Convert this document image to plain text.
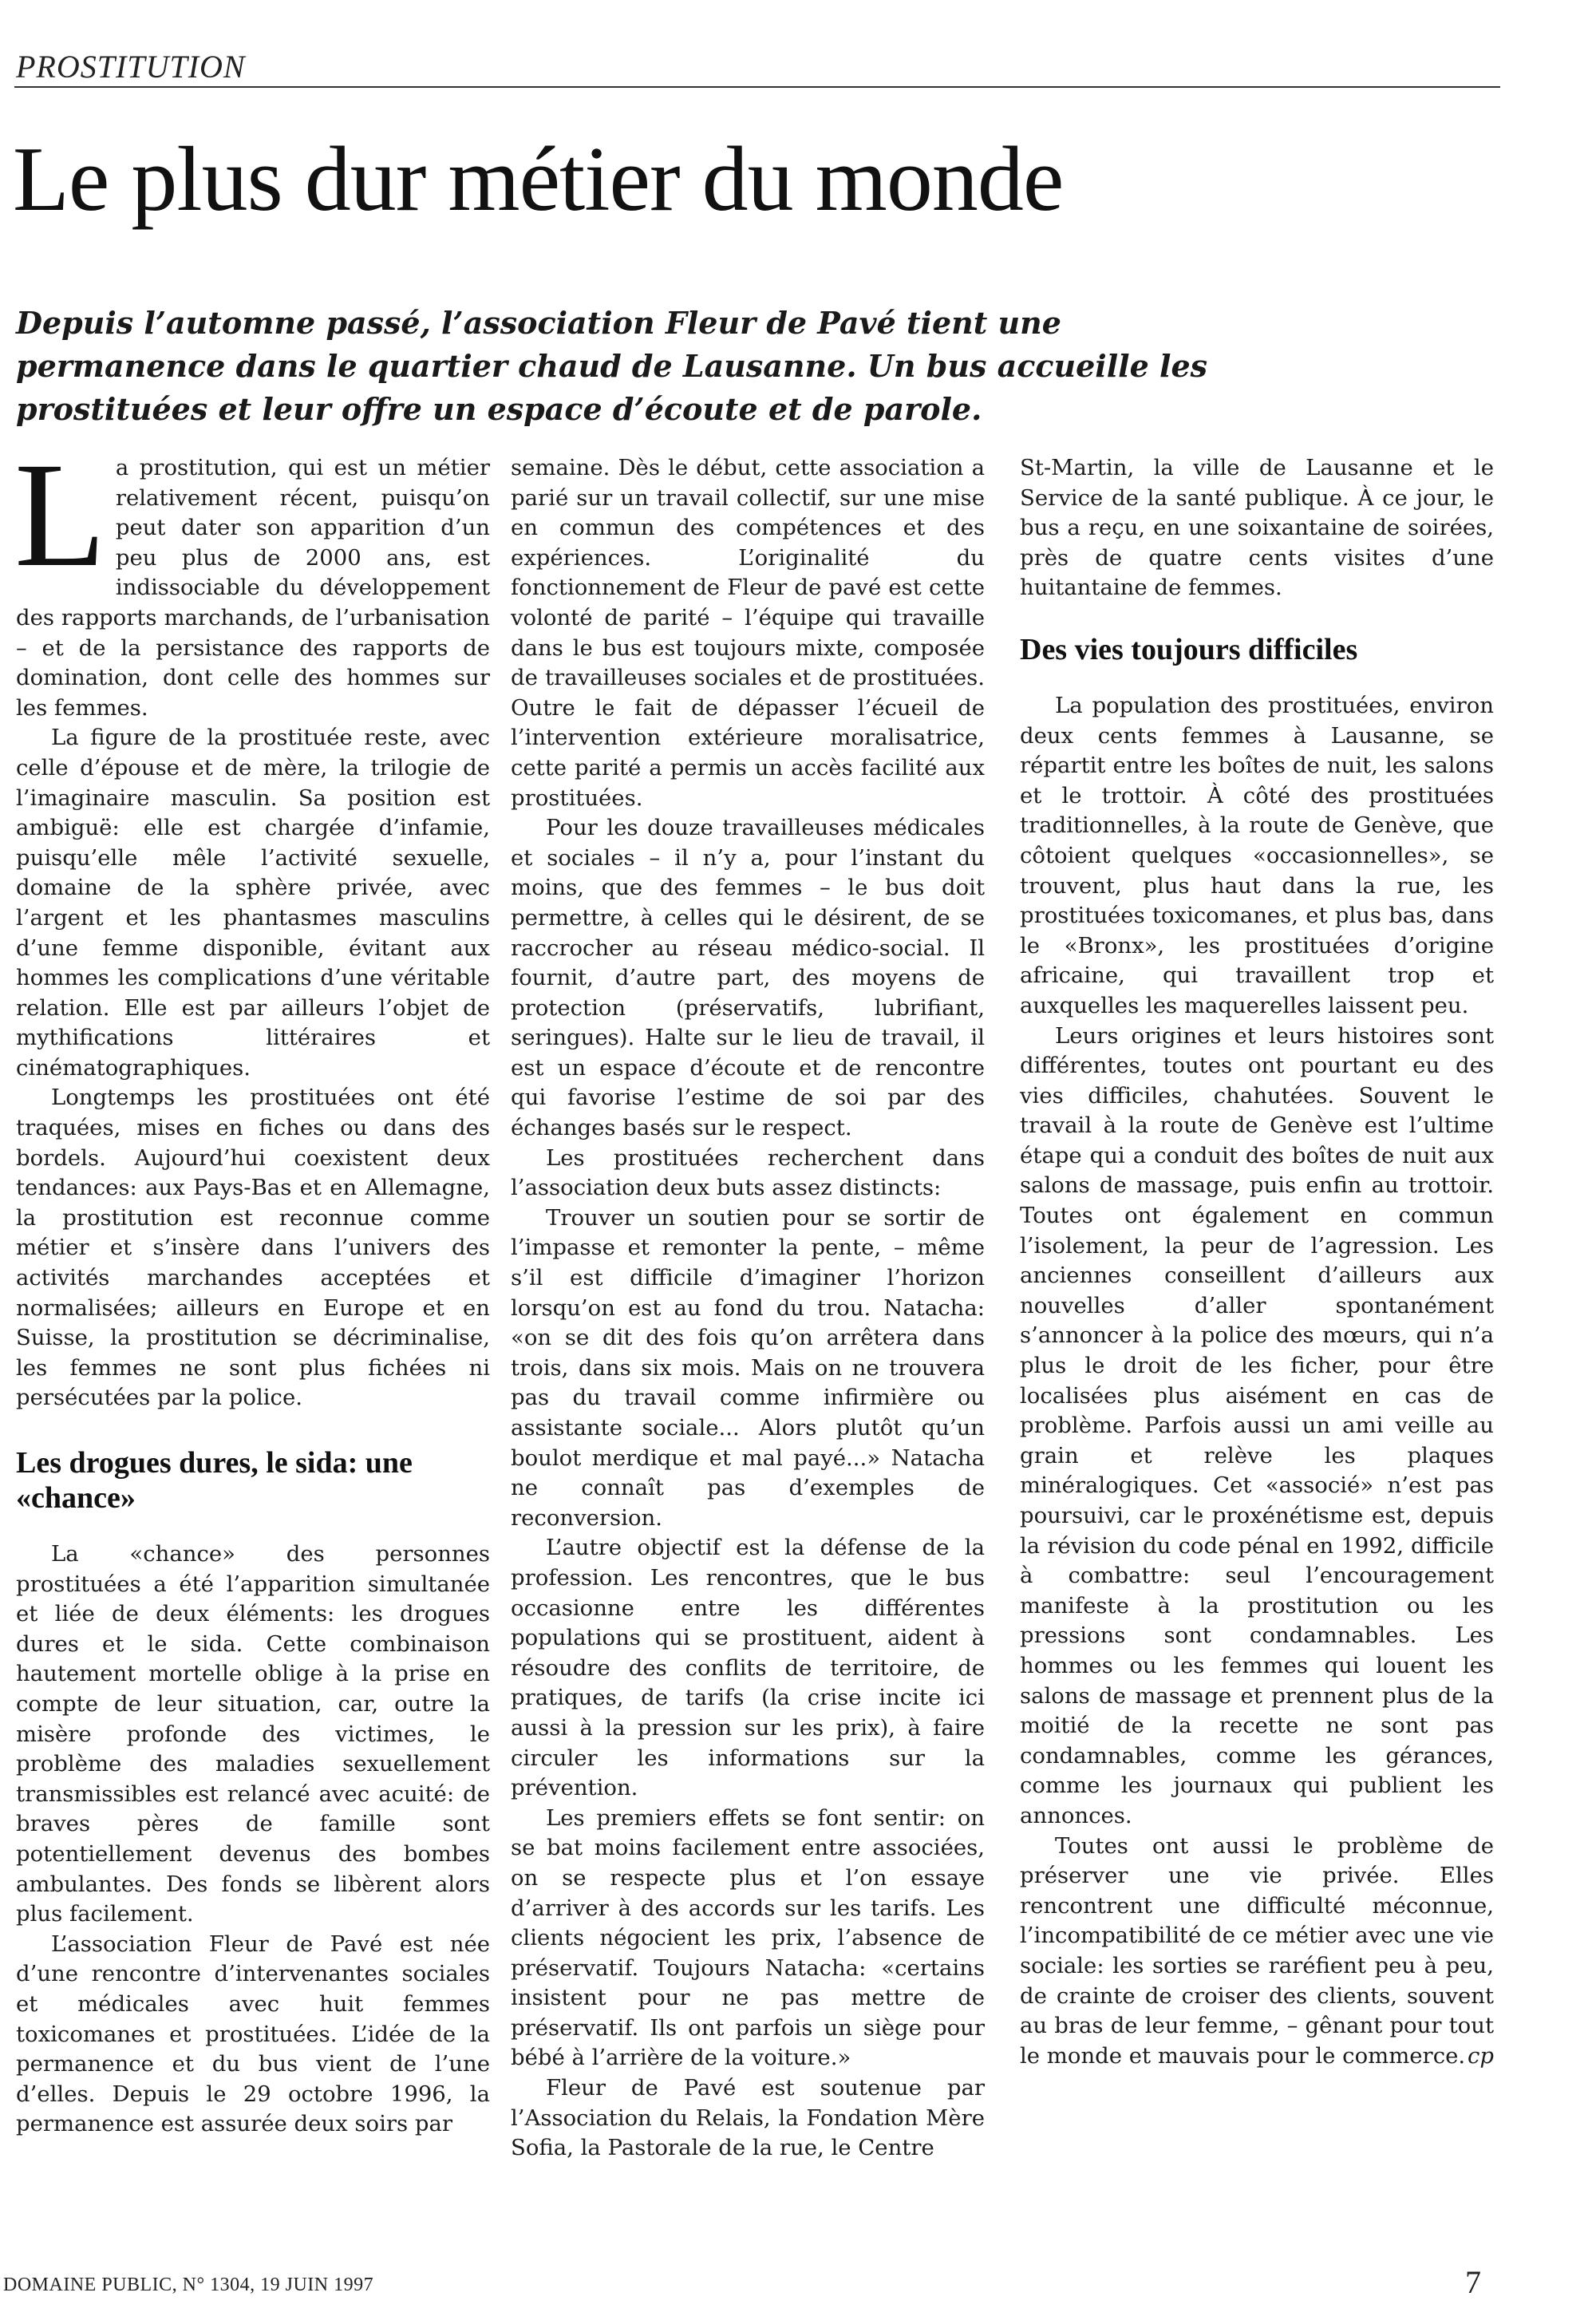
PROSTITUTION
Le plus dur métier du monde

Depuis l’automne passé, l’association Fleur de Pavé tient une permanence dans le quartier chaud de Lausanne. Un bus accueille les prostituées et leur offre un espace d’écoute et de parole.

La prostitution, qui est un métier relativement récent, puisqu’on peut dater son apparition d’un peu plus de 2000 ans, est indissociable du développement des rapports marchands, de l’urbanisation – et de la persistance des rapports de domination, dont celle des hommes sur les femmes.

La figure de la prostituée reste, avec celle d’épouse et de mère, la trilogie de l’imaginaire masculin. Sa position est ambiguë: elle est chargée d’infamie, puisqu’elle mêle l’activité sexuelle, domaine de la sphère privée, avec l’argent et les phantasmes masculins d’une femme disponible, évitant aux hommes les complications d’une véritable relation. Elle est par ailleurs l’objet de mythifications littéraires et cinématographiques.

Longtemps les prostituées ont été traquées, mises en fiches ou dans des bordels. Aujourd’hui coexistent deux tendances: aux Pays-Bas et en Allemagne, la prostitution est reconnue comme métier et s’insère dans l’univers des activités marchandes acceptées et normalisées; ailleurs en Europe et en Suisse, la prostitution se décriminalise, les femmes ne sont plus fichées ni persécutées par la police.

Les drogues dures, le sida: une «chance»

La «chance» des personnes prostituées a été l’apparition simultanée et liée de deux éléments: les drogues dures et le sida. Cette combinaison hautement mortelle oblige à la prise en compte de leur situation, car, outre la misère profonde des victimes, le problème des maladies sexuellement transmissibles est relancé avec acuité: de braves pères de famille sont potentiellement devenus des bombes ambulantes. Des fonds se libèrent alors plus facilement.

L’association Fleur de Pavé est née d’une rencontre d’intervenantes sociales et médicales avec huit femmes toxicomanes et prostituées. L’idée de la permanence et du bus vient de l’une d’elles. Depuis le 29 octobre 1996, la permanence est assurée deux soirs par

semaine. Dès le début, cette association a parié sur un travail collectif, sur une mise en commun des compétences et des expériences. L’originalité du fonctionnement de Fleur de pavé est cette volonté de parité – l’équipe qui travaille dans le bus est toujours mixte, composée de travailleuses sociales et de prostituées. Outre le fait de dépasser l’écueil de l’intervention extérieure moralisatrice, cette parité a permis un accès facilité aux prostituées.

Pour les douze travailleuses médicales et sociales – il n’y a, pour l’instant du moins, que des femmes – le bus doit permettre, à celles qui le désirent, de se raccrocher au réseau médico-social. Il fournit, d’autre part, des moyens de protection (préservatifs, lubrifiant, seringues). Halte sur le lieu de travail, il est un espace d’écoute et de rencontre qui favorise l’estime de soi par des échanges basés sur le respect.

Les prostituées recherchent dans l’association deux buts assez distincts:

Trouver un soutien pour se sortir de l’impasse et remonter la pente, – même s’il est difficile d’imaginer l’horizon lorsqu’on est au fond du trou. Natacha: «on se dit des fois qu’on arrêtera dans trois, dans six mois. Mais on ne trouvera pas du travail comme infirmière ou assistante sociale... Alors plutôt qu’un boulot merdique et mal payé...» Natacha ne connaît pas d’exemples de reconversion.

L’autre objectif est la défense de la profession. Les rencontres, que le bus occasionne entre les différentes populations qui se prostituent, aident à résoudre des conflits de territoire, de pratiques, de tarifs (la crise incite ici aussi à la pression sur les prix), à faire circuler les informations sur la prévention.

Les premiers effets se font sentir: on se bat moins facilement entre associées, on se respecte plus et l’on essaye d’arriver à des accords sur les tarifs. Les clients négocient les prix, l’absence de préservatif. Toujours Natacha: «certains insistent pour ne pas mettre de préservatif. Ils ont parfois un siège pour bébé à l’arrière de la voiture.»

Fleur de Pavé est soutenue par l’Association du Relais, la Fondation Mère Sofia, la Pastorale de la rue, le Centre

St-Martin, la ville de Lausanne et le Service de la santé publique. À ce jour, le bus a reçu, en une soixantaine de soirées, près de quatre cents visites d’une huitantaine de femmes.

Des vies toujours difficiles

La population des prostituées, environ deux cents femmes à Lausanne, se répartit entre les boîtes de nuit, les salons et le trottoir. À côté des prostituées traditionnelles, à la route de Genève, que côtoient quelques «occasionnelles», se trouvent, plus haut dans la rue, les prostituées toxicomanes, et plus bas, dans le «Bronx», les prostituées d’origine africaine, qui travaillent trop et auxquelles les maquerelles laissent peu.

Leurs origines et leurs histoires sont différentes, toutes ont pourtant eu des vies difficiles, chahutées. Souvent le travail à la route de Genève est l’ultime étape qui a conduit des boîtes de nuit aux salons de massage, puis enfin au trottoir. Toutes ont également en commun l’isolement, la peur de l’agression. Les anciennes conseillent d’ailleurs aux nouvelles d’aller spontanément s’annoncer à la police des mœurs, qui n’a plus le droit de les ficher, pour être localisées plus aisément en cas de problème. Parfois aussi un ami veille au grain et relève les plaques minéralogiques. Cet «associé» n’est pas poursuivi, car le proxénétisme est, depuis la révision du code pénal en 1992, difficile à combattre: seul l’encouragement manifeste à la prostitution ou les pressions sont condamnables. Les hommes ou les femmes qui louent les salons de massage et prennent plus de la moitié de la recette ne sont pas condamnables, comme les gérances, comme les journaux qui publient les annonces.

Toutes ont aussi le problème de préserver une vie privée. Elles rencontrent une difficulté méconnue, l’incompatibilité de ce métier avec une vie sociale: les sorties se raréfient peu à peu, de crainte de croiser des clients, souvent au bras de leur femme, – gênant pour tout le monde et mauvais pour le commerce. cp
DOMAINE PUBLIC, N° 1304, 19 JUIN 1997	7
